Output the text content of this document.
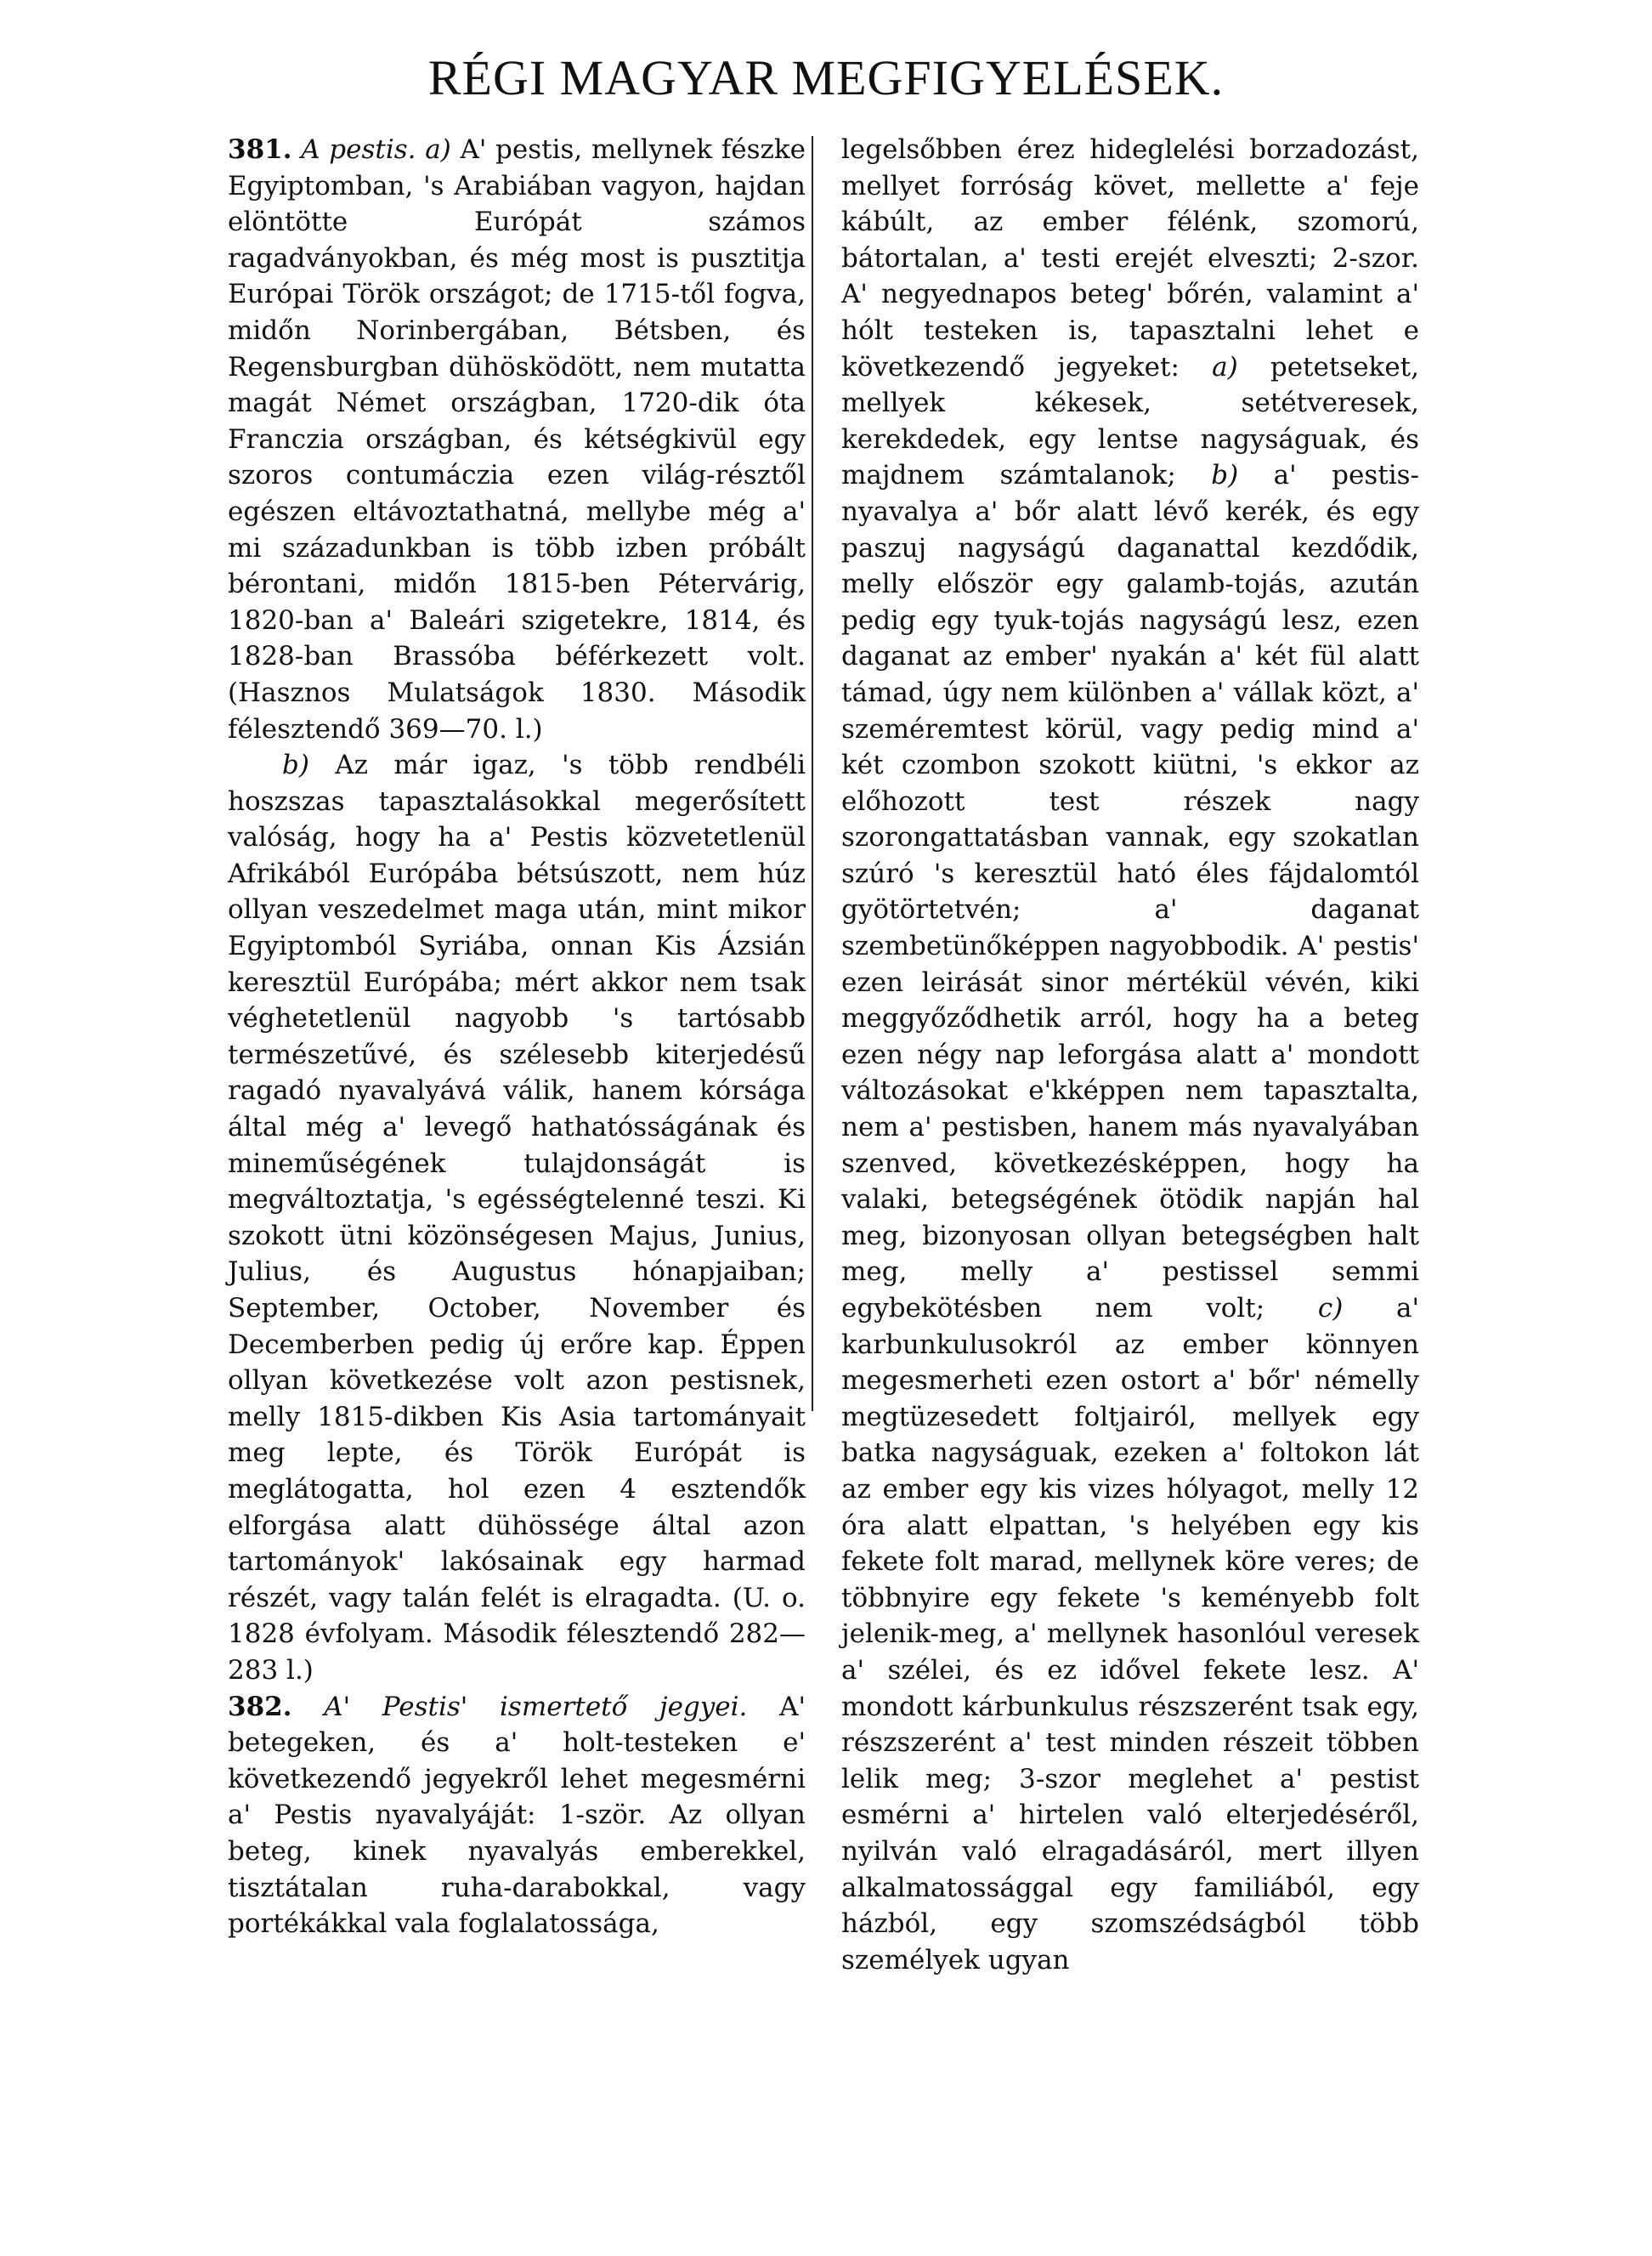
RÉGI MAGYAR MEGFIGYELÉSEK.

381. A pestis. a) A' pestis, mellynek fészke Egyiptomban, 's Arabiában vagyon, hajdan elöntötte Európát számos ragadványokban, és még most is pusztitja Európai Török országot; de 1715-től fogva, midőn Norinbergában, Bétsben, és Regensburgban dühösködött, nem mutatta magát Német országban, 1720-dik óta Franczia országban, és kétségkivül egy szoros contumáczia ezen világ-résztől egészen eltávoztathatná, mellybe még a' mi századunkban is több izben próbált bérontani, midőn 1815-ben Pétervárig, 1820-ban a' Baleári szigetekre, 1814, és 1828-ban Brassóba béférkezett volt. (Hasznos Mulatságok 1830. Második félesztendő 369—70. l.)

b) Az már igaz, 's több rendbéli hoszszas tapasztalásokkal megerősített valóság, hogy ha a' Pestis közvetetlenül Afrikából Európába bétsúszott, nem húz ollyan veszedelmet maga után, mint mikor Egyiptomból Syriába, onnan Kis Ázsián keresztül Európába; mért akkor nem tsak véghetetlenül nagyobb 's tartósabb természetűvé, és szélesebb kiterjedésű ragadó nyavalyává válik, hanem kórsága által még a' levegő hathatósságának és mineműségének tulajdonságát is megváltoztatja, 's egésségtelenné teszi. Ki szokott ütni közönségesen Majus, Junius, Julius, és Augustus hónapjaiban; September, October, November és Decemberben pedig új erőre kap. Éppen ollyan következése volt azon pestisnek, melly 1815-dikben Kis Asia tartományait meg lepte, és Török Európát is meglátogatta, hol ezen 4 esztendők elforgása alatt dühössége által azon tartományok' lakósainak egy harmad részét, vagy talán felét is elragadta. (U. o. 1828 évfolyam. Második félesztendő 282—283 l.)

382. A' Pestis' ismertető jegyei. A' betegeken, és a' holt-testeken e' következendő jegyekről lehet megesmérni a' Pestis nyavalyáját: 1-ször. Az ollyan beteg, kinek nyavalyás emberekkel, tisztátalan ruha-darabokkal, vagy portékákkal vala foglalatossága,

legelsőbben érez hideglelési borzadozást, mellyet forróság követ, mellette a' feje kábúlt, az ember félénk, szomorú, bátortalan, a' testi erejét elveszti; 2-szor. A' negyednapos beteg' bőrén, valamint a' hólt testeken is, tapasztalni lehet e következendő jegyeket: a) petetseket, mellyek kékesek, setétveresek, kerekdedek, egy lentse nagyságuak, és majdnem számtalanok; b) a' pestis-nyavalya a' bőr alatt lévő kerék, és egy paszuj nagyságú daganattal kezdődik, melly először egy galamb-tojás, azután pedig egy tyuk-tojás nagyságú lesz, ezen daganat az ember' nyakán a' két fül alatt támad, úgy nem különben a' vállak közt, a' szeméremtest körül, vagy pedig mind a' két czombon szokott kiütni, 's ekkor az előhozott test részek nagy szorongattatásban vannak, egy szokatlan szúró 's keresztül ható éles fájdalomtól gyötörtetvén; a' daganat szembetünőképpen nagyobbodik. A' pestis' ezen leirását sinor mértékül vévén, kiki meggyőződhetik arról, hogy ha a beteg ezen négy nap leforgása alatt a' mondott változásokat e'kképpen nem tapasztalta, nem a' pestisben, hanem más nyavalyában szenved, következésképpen, hogy ha valaki, betegségének ötödik napján hal meg, bizonyosan ollyan betegségben halt meg, melly a' pestissel semmi egybekötésben nem volt; c) a' karbunkulusokról az ember könnyen megesmerheti ezen ostort a' bőr' némelly megtüzesedett foltjairól, mellyek egy batka nagyságuak, ezeken a' foltokon lát az ember egy kis vizes hólyagot, melly 12 óra alatt elpattan, 's helyében egy kis fekete folt marad, mellynek köre veres; de többnyire egy fekete 's keményebb folt jelenik-meg, a' mellynek hasonlóul veresek a' szélei, és ez idővel fekete lesz. A' mondott kárbunkulus részszerént tsak egy, részszerént a' test minden részeit többen lelik meg; 3-szor meglehet a' pestist esmérni a' hirtelen való elterjedéséről, nyilván való elragadásáról, mert illyen alkalmatossággal egy familiából, egy házból, egy szomszédságból több személyek ugyan
